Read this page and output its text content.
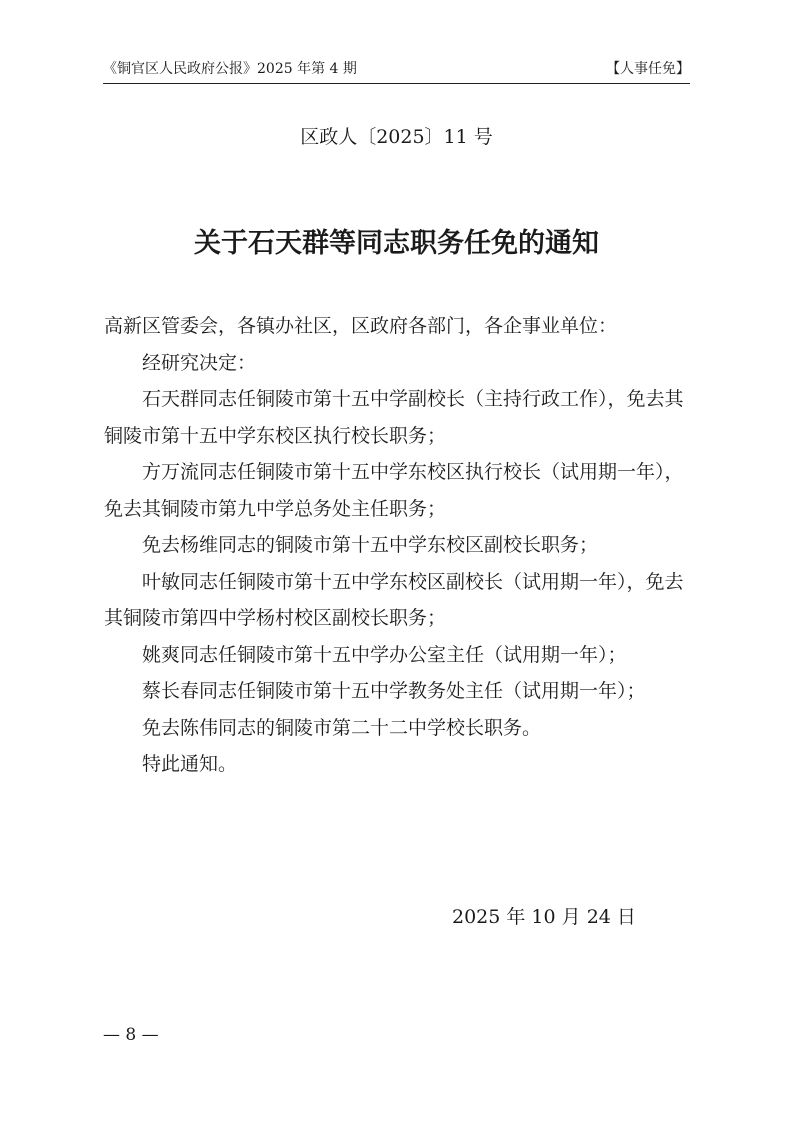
《铜官区人民政府公报》2025 年第 4 期	【人事任免】
区政人〔2025〕11 号
关于石天群等同志职务任免的通知

高新区管委会，各镇办社区，区政府各部门，各企事业单位：

经研究决定：

石天群同志任铜陵市第十五中学副校长（主持行政工作），免去其铜陵市第十五中学东校区执行校长职务；

方万流同志任铜陵市第十五中学东校区执行校长（试用期一年），免去其铜陵市第九中学总务处主任职务；

免去杨维同志的铜陵市第十五中学东校区副校长职务；

叶敏同志任铜陵市第十五中学东校区副校长（试用期一年），免去其铜陵市第四中学杨村校区副校长职务；

姚爽同志任铜陵市第十五中学办公室主任（试用期一年）；

蔡长春同志任铜陵市第十五中学教务处主任（试用期一年）；

免去陈伟同志的铜陵市第二十二中学校长职务。

特此通知。

2025 年 10 月 24 日
— 8 —
